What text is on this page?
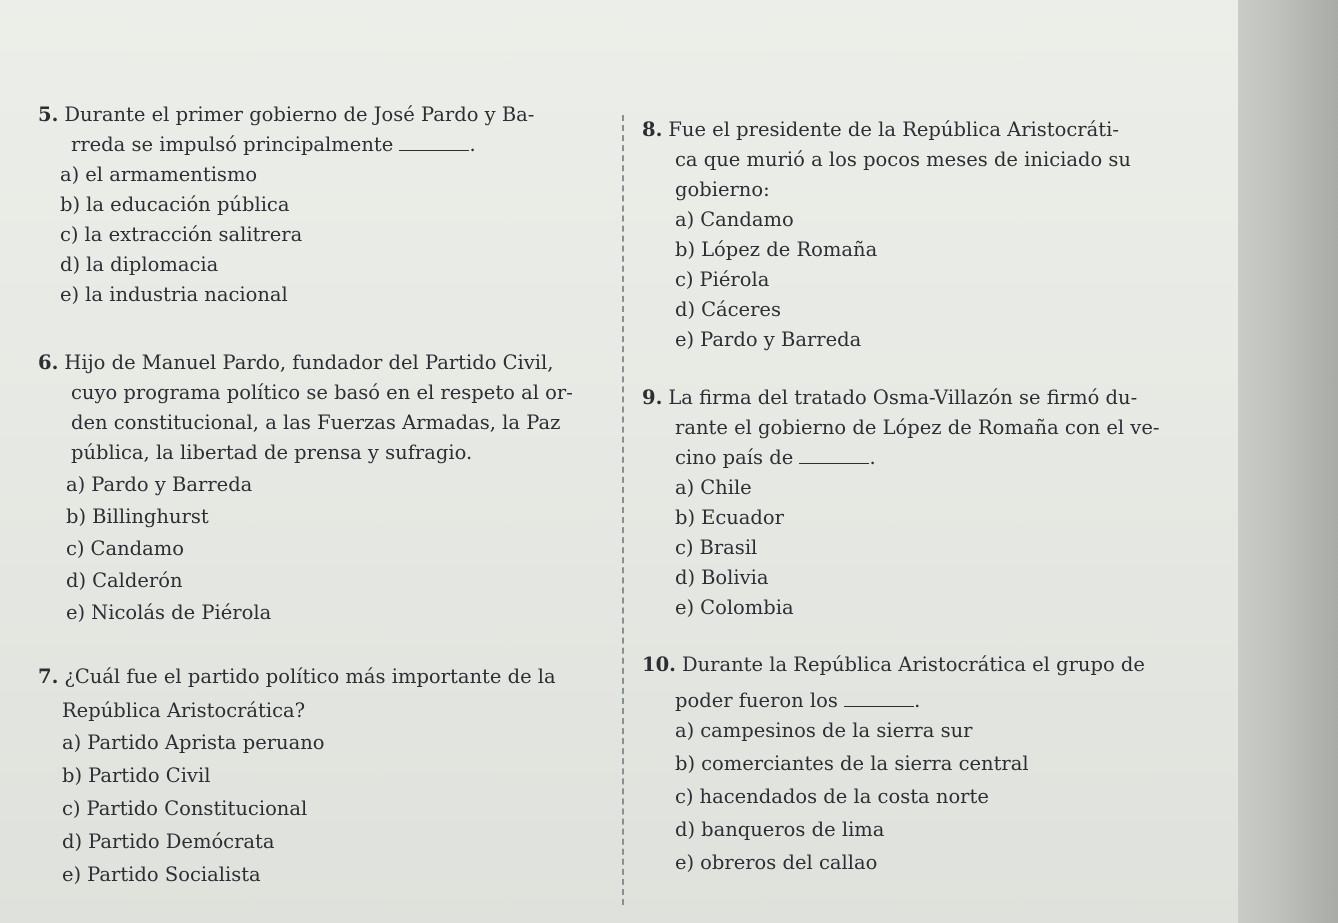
5. Durante el primer gobierno de José Pardo y Ba-
rreda se impulsó principalmente	.
a) el armamentismo
b) la educación pública
c) la extracción salitrera
d) la diplomacia
e) la industria nacional
6. Hijo de Manuel Pardo, fundador del Partido Civil,
cuyo programa político se basó en el respeto al or-
den constitucional, a las Fuerzas Armadas, la Paz
pública, la libertad de prensa y sufragio.
a) Pardo y Barreda
b) Billinghurst
c) Candamo
d) Calderón
e) Nicolás de Piérola
7. ¿Cuál fue el partido político más importante de la
República Aristocrática?
a) Partido Aprista peruano
b) Partido Civil
c) Partido Constitucional
d) Partido Demócrata
e) Partido Socialista
8. Fue el presidente de la República Aristocráti-
ca que murió a los pocos meses de iniciado su
gobierno:
a) Candamo
b) López de Romaña
c) Piérola
d) Cáceres
e) Pardo y Barreda
9. La firma del tratado Osma-Villazón se firmó du-
rante el gobierno de López de Romaña con el ve-
cino país de	.
a) Chile
b) Ecuador
c) Brasil
d) Bolivia
e) Colombia
10. Durante la República Aristocrática el grupo de
poder fueron los	.
a) campesinos de la sierra sur
b) comerciantes de la sierra central
c) hacendados de la costa norte
d) banqueros de lima
e) obreros del callao
